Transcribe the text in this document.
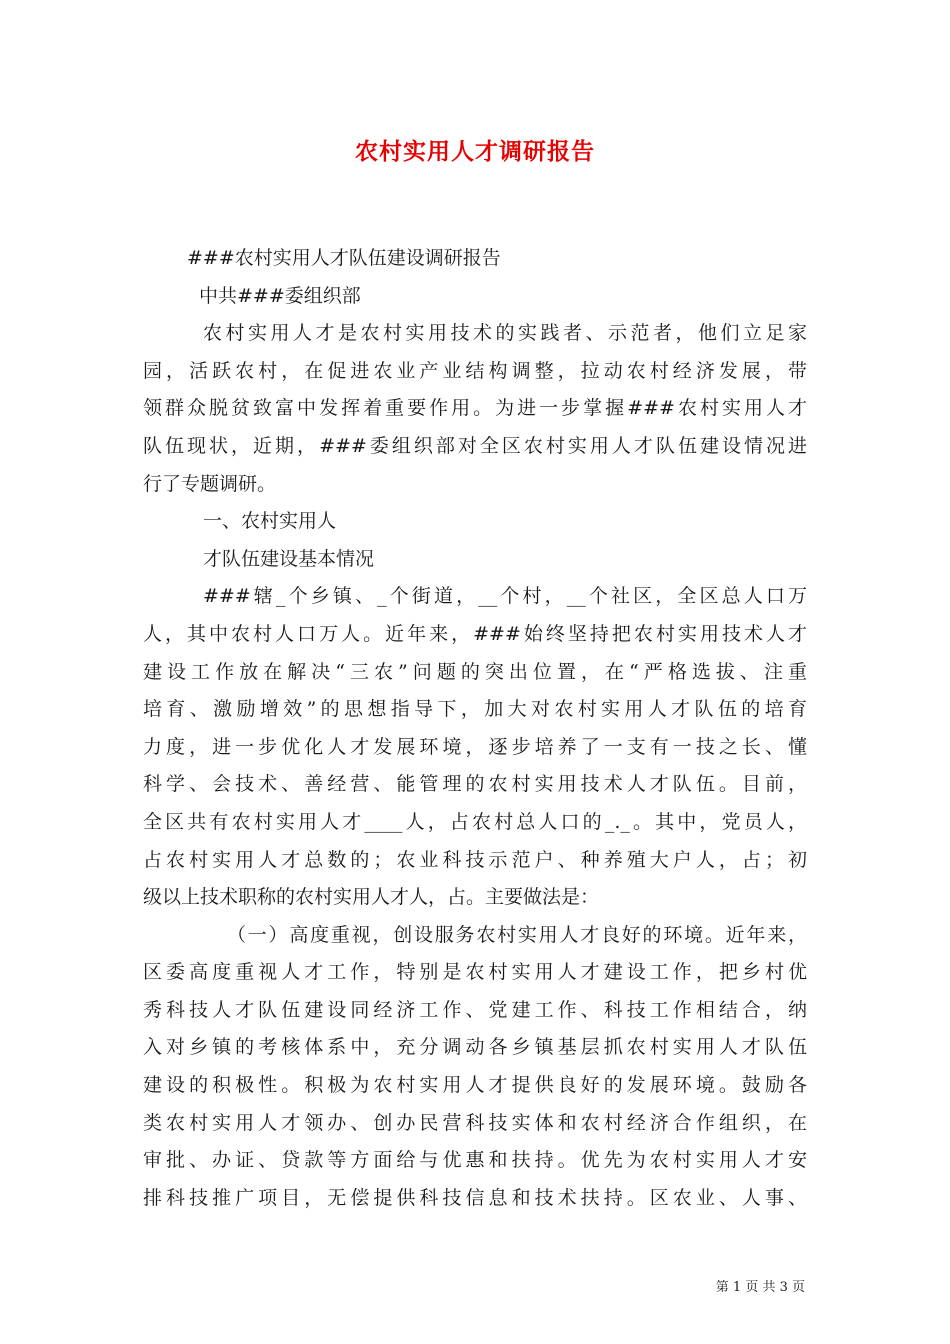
农村实用人才调研报告
###农村实用人才队伍建设调研报告
中共###委组织部
农村实用人才是农村实用技术的实践者、示范者，他们立足家
园，活跃农村，在促进农业产业结构调整，拉动农村经济发展，带
领群众脱贫致富中发挥着重要作用。为进一步掌握###农村实用人才
队伍现状，近期，###委组织部对全区农村实用人才队伍建设情况进
行了专题调研。
一、农村实用人
才队伍建设基本情况
###辖_个乡镇、_个街道，__个村，__个社区，全区总人口万
人，其中农村人口万人。近年来，###始终坚持把农村实用技术人才
建设工作放在解决“三农”问题的突出位置，在“严格选拔、注重
培育、激励增效”的思想指导下，加大对农村实用人才队伍的培育
力度，进一步优化人才发展环境，逐步培养了一支有一技之长、懂
科学、会技术、善经营、能管理的农村实用技术人才队伍。目前，
全区共有农村实用人才____人，占农村总人口的_._。其中，党员人，
占农村实用人才总数的；农业科技示范户、种养殖大户人，占；初
级以上技术职称的农村实用人才人，占。主要做法是：
（一）高度重视，创设服务农村实用人才良好的环境。近年来，
区委高度重视人才工作，特别是农村实用人才建设工作，把乡村优
秀科技人才队伍建设同经济工作、党建工作、科技工作相结合，纳
入对乡镇的考核体系中，充分调动各乡镇基层抓农村实用人才队伍
建设的积极性。积极为农村实用人才提供良好的发展环境。鼓励各
类农村实用人才领办、创办民营科技实体和农村经济合作组织，在
审批、办证、贷款等方面给与优惠和扶持。优先为农村实用人才安
排科技推广项目，无偿提供科技信息和技术扶持。区农业、人事、
第 1 页 共 3 页
